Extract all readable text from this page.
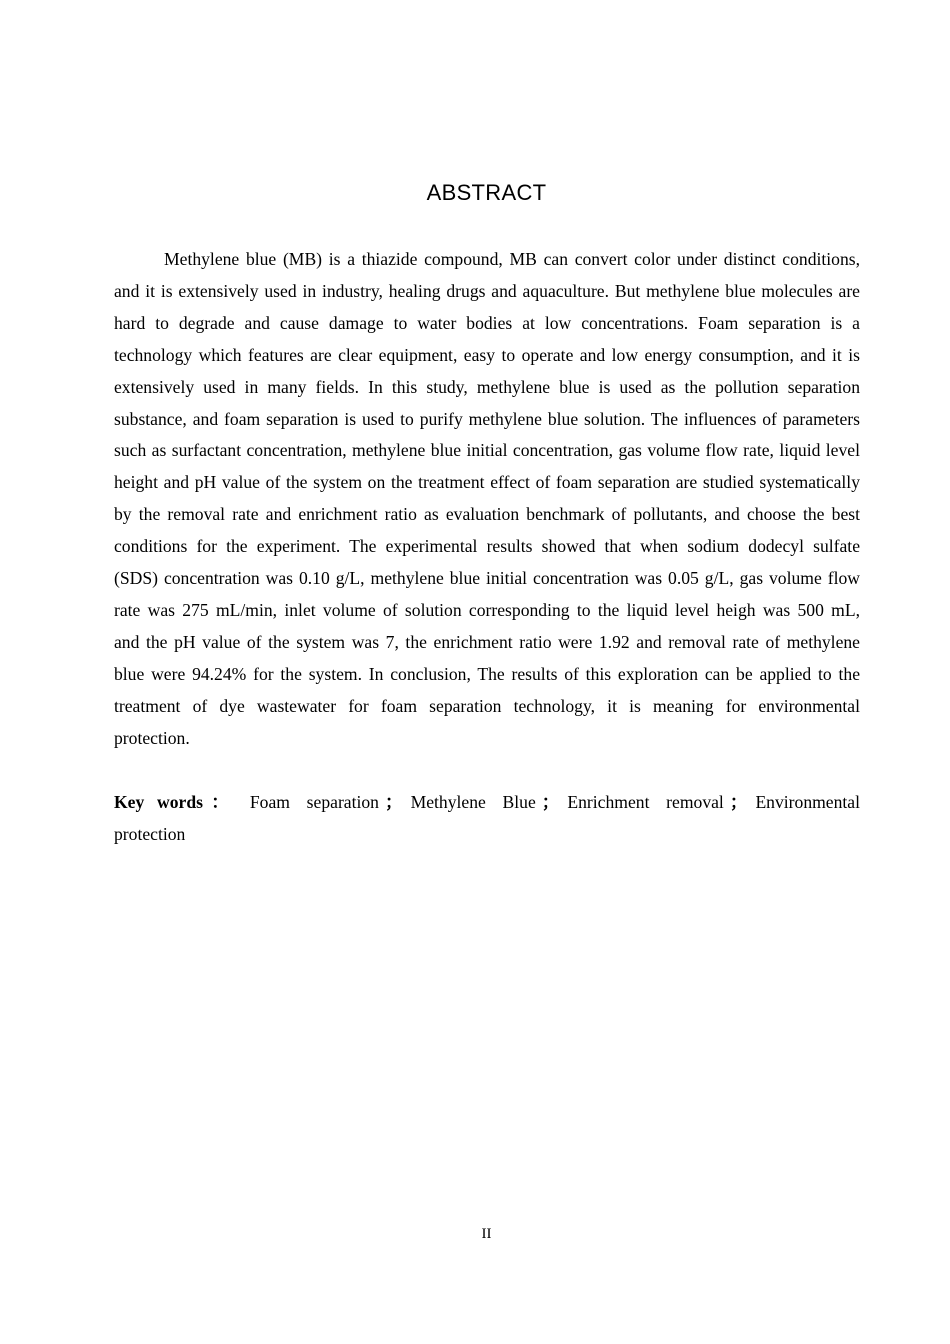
ABSTRACT

Methylene blue (MB) is a thiazide compound, MB can convert color under distinct conditions, and it is extensively used in industry, healing drugs and aquaculture. But methylene blue molecules are hard to degrade and cause damage to water bodies at low concentrations. Foam separation is a technology which features are clear equipment, easy to operate and low energy consumption, and it is extensively used in many fields. In this study, methylene blue is used as the pollution separation substance, and foam separation is used to purify methylene blue solution. The influences of parameters such as surfactant concentration, methylene blue initial concentration, gas volume flow rate, liquid level height and pH value of the system on the treatment effect of foam separation are studied systematically by the removal rate and enrichment ratio as evaluation benchmark of pollutants, and choose the best conditions for the experiment. The experimental results showed that when sodium dodecyl sulfate (SDS) concentration was 0.10 g/L, methylene blue initial concentration was 0.05 g/L, gas volume flow rate was 275 mL/min, inlet volume of solution corresponding to the liquid level heigh was 500 mL, and the pH value of the system was 7, the enrichment ratio were 1.92 and removal rate of methylene blue were 94.24% for the system. In conclusion, The results of this exploration can be applied to the treatment of dye wastewater for foam separation technology, it is meaning for environmental protection.

Key words： Foam separation ； Methylene Blue ； Enrichment removal ； Environmental protection

II
